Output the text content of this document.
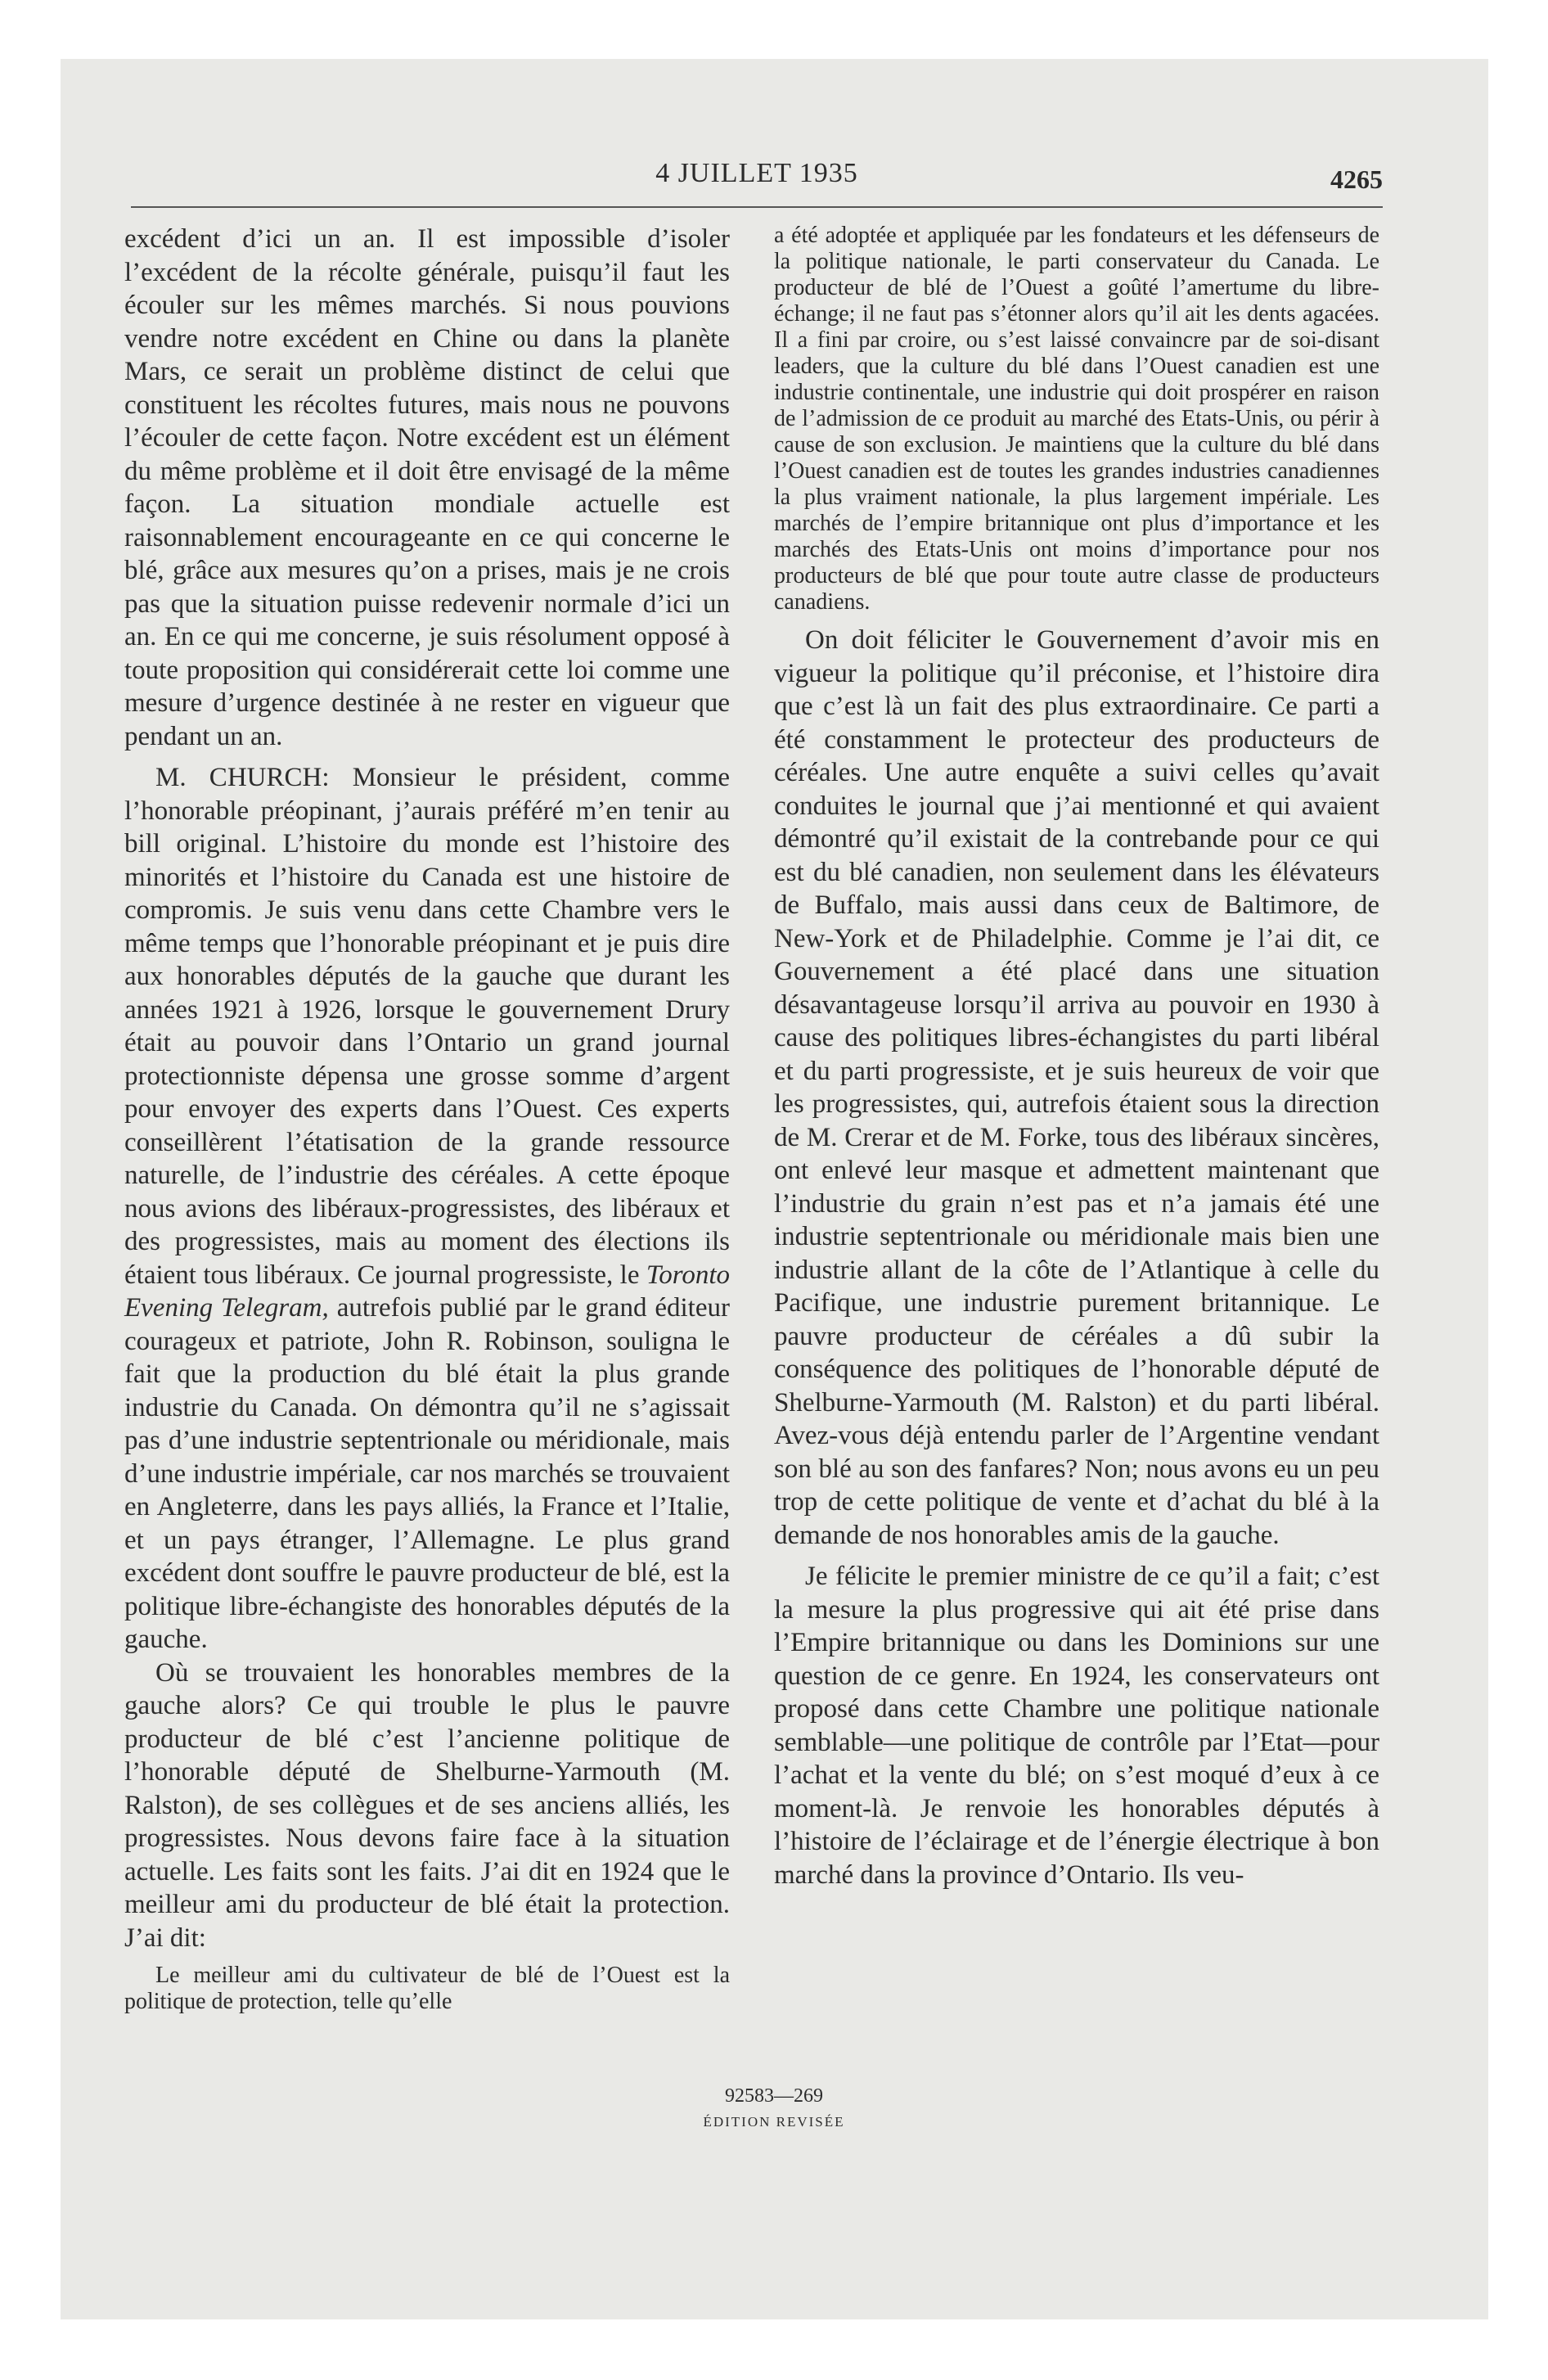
4 JUILLET 1935	4265

excédent d’ici un an. Il est impossible d’isoler l’excédent de la récolte générale, puisqu’il faut les écouler sur les mêmes marchés. Si nous pouvions vendre notre excédent en Chine ou dans la planète Mars, ce serait un problème distinct de celui que constituent les récoltes futures, mais nous ne pouvons l’écouler de cette façon. Notre excédent est un élément du même problème et il doit être envisagé de la même façon. La situation mondiale actuelle est raisonnablement encourageante en ce qui concerne le blé, grâce aux mesures qu’on a prises, mais je ne crois pas que la situation puisse redevenir normale d’ici un an. En ce qui me concerne, je suis résolument opposé à toute proposition qui considérerait cette loi comme une mesure d’urgence destinée à ne rester en vigueur que pendant un an.

M. CHURCH: Monsieur le président, comme l’honorable préopinant, j’aurais préféré m’en tenir au bill original. L’histoire du monde est l’histoire des minorités et l’histoire du Canada est une histoire de compromis. Je suis venu dans cette Chambre vers le même temps que l’honorable préopinant et je puis dire aux honorables députés de la gauche que durant les années 1921 à 1926, lorsque le gouvernement Drury était au pouvoir dans l’Ontario un grand journal protectionniste dépensa une grosse somme d’argent pour envoyer des experts dans l’Ouest. Ces experts conseillèrent l’étatisation de la grande ressource naturelle, de l’industrie des céréales. A cette époque nous avions des libéraux-progressistes, des libéraux et des progressistes, mais au moment des élections ils étaient tous libéraux. Ce journal progressiste, le Toronto Evening Telegram, autrefois publié par le grand éditeur courageux et patriote, John R. Robinson, souligna le fait que la production du blé était la plus grande industrie du Canada. On démontra qu’il ne s’agissait pas d’une industrie septentrionale ou méridionale, mais d’une industrie impériale, car nos marchés se trouvaient en Angleterre, dans les pays alliés, la France et l’Italie, et un pays étranger, l’Allemagne. Le plus grand excédent dont souffre le pauvre producteur de blé, est la politique libre-échangiste des honorables députés de la gauche.

Où se trouvaient les honorables membres de la gauche alors? Ce qui trouble le plus le pauvre producteur de blé c’est l’ancienne politique de l’honorable député de Shelburne-Yarmouth (M. Ralston), de ses collègues et de ses anciens alliés, les progressistes. Nous devons faire face à la situation actuelle. Les faits sont les faits. J’ai dit en 1924 que le meilleur ami du producteur de blé était la protection. J’ai dit:

Le meilleur ami du cultivateur de blé de l’Ouest est la politique de protection, telle qu’elle

a été adoptée et appliquée par les fondateurs et les défenseurs de la politique nationale, le parti conservateur du Canada. Le producteur de blé de l’Ouest a goûté l’amertume du libre-échange; il ne faut pas s’étonner alors qu’il ait les dents agacées. Il a fini par croire, ou s’est laissé convaincre par de soi-disant leaders, que la culture du blé dans l’Ouest canadien est une industrie continentale, une industrie qui doit prospérer en raison de l’admission de ce produit au marché des Etats-Unis, ou périr à cause de son exclusion. Je maintiens que la culture du blé dans l’Ouest canadien est de toutes les grandes industries canadiennes la plus vraiment nationale, la plus largement impériale. Les marchés de l’empire britannique ont plus d’importance et les marchés des Etats-Unis ont moins d’importance pour nos producteurs de blé que pour toute autre classe de producteurs canadiens.

On doit féliciter le Gouvernement d’avoir mis en vigueur la politique qu’il préconise, et l’histoire dira que c’est là un fait des plus extraordinaire. Ce parti a été constamment le protecteur des producteurs de céréales. Une autre enquête a suivi celles qu’avait conduites le journal que j’ai mentionné et qui avaient démontré qu’il existait de la contrebande pour ce qui est du blé canadien, non seulement dans les élévateurs de Buffalo, mais aussi dans ceux de Baltimore, de New-York et de Philadelphie. Comme je l’ai dit, ce Gouvernement a été placé dans une situation désavantageuse lorsqu’il arriva au pouvoir en 1930 à cause des politiques libres-échangistes du parti libéral et du parti progressiste, et je suis heureux de voir que les progressistes, qui, autrefois étaient sous la direction de M. Crerar et de M. Forke, tous des libéraux sincères, ont enlevé leur masque et admettent maintenant que l’industrie du grain n’est pas et n’a jamais été une industrie septentrionale ou méridionale mais bien une industrie allant de la côte de l’Atlantique à celle du Pacifique, une industrie purement britannique. Le pauvre producteur de céréales a dû subir la conséquence des politiques de l’honorable député de Shelburne-Yarmouth (M. Ralston) et du parti libéral. Avez-vous déjà entendu parler de l’Argentine vendant son blé au son des fanfares? Non; nous avons eu un peu trop de cette politique de vente et d’achat du blé à la demande de nos honorables amis de la gauche.

Je félicite le premier ministre de ce qu’il a fait; c’est la mesure la plus progressive qui ait été prise dans l’Empire britannique ou dans les Dominions sur une question de ce genre. En 1924, les conservateurs ont proposé dans cette Chambre une politique nationale semblable—une politique de contrôle par l’Etat—pour l’achat et la vente du blé; on s’est moqué d’eux à ce moment-là. Je renvoie les honorables députés à l’histoire de l’éclairage et de l’énergie électrique à bon marché dans la province d’Ontario. Ils veu-

92583—269
ÉDITION REVISÉE
